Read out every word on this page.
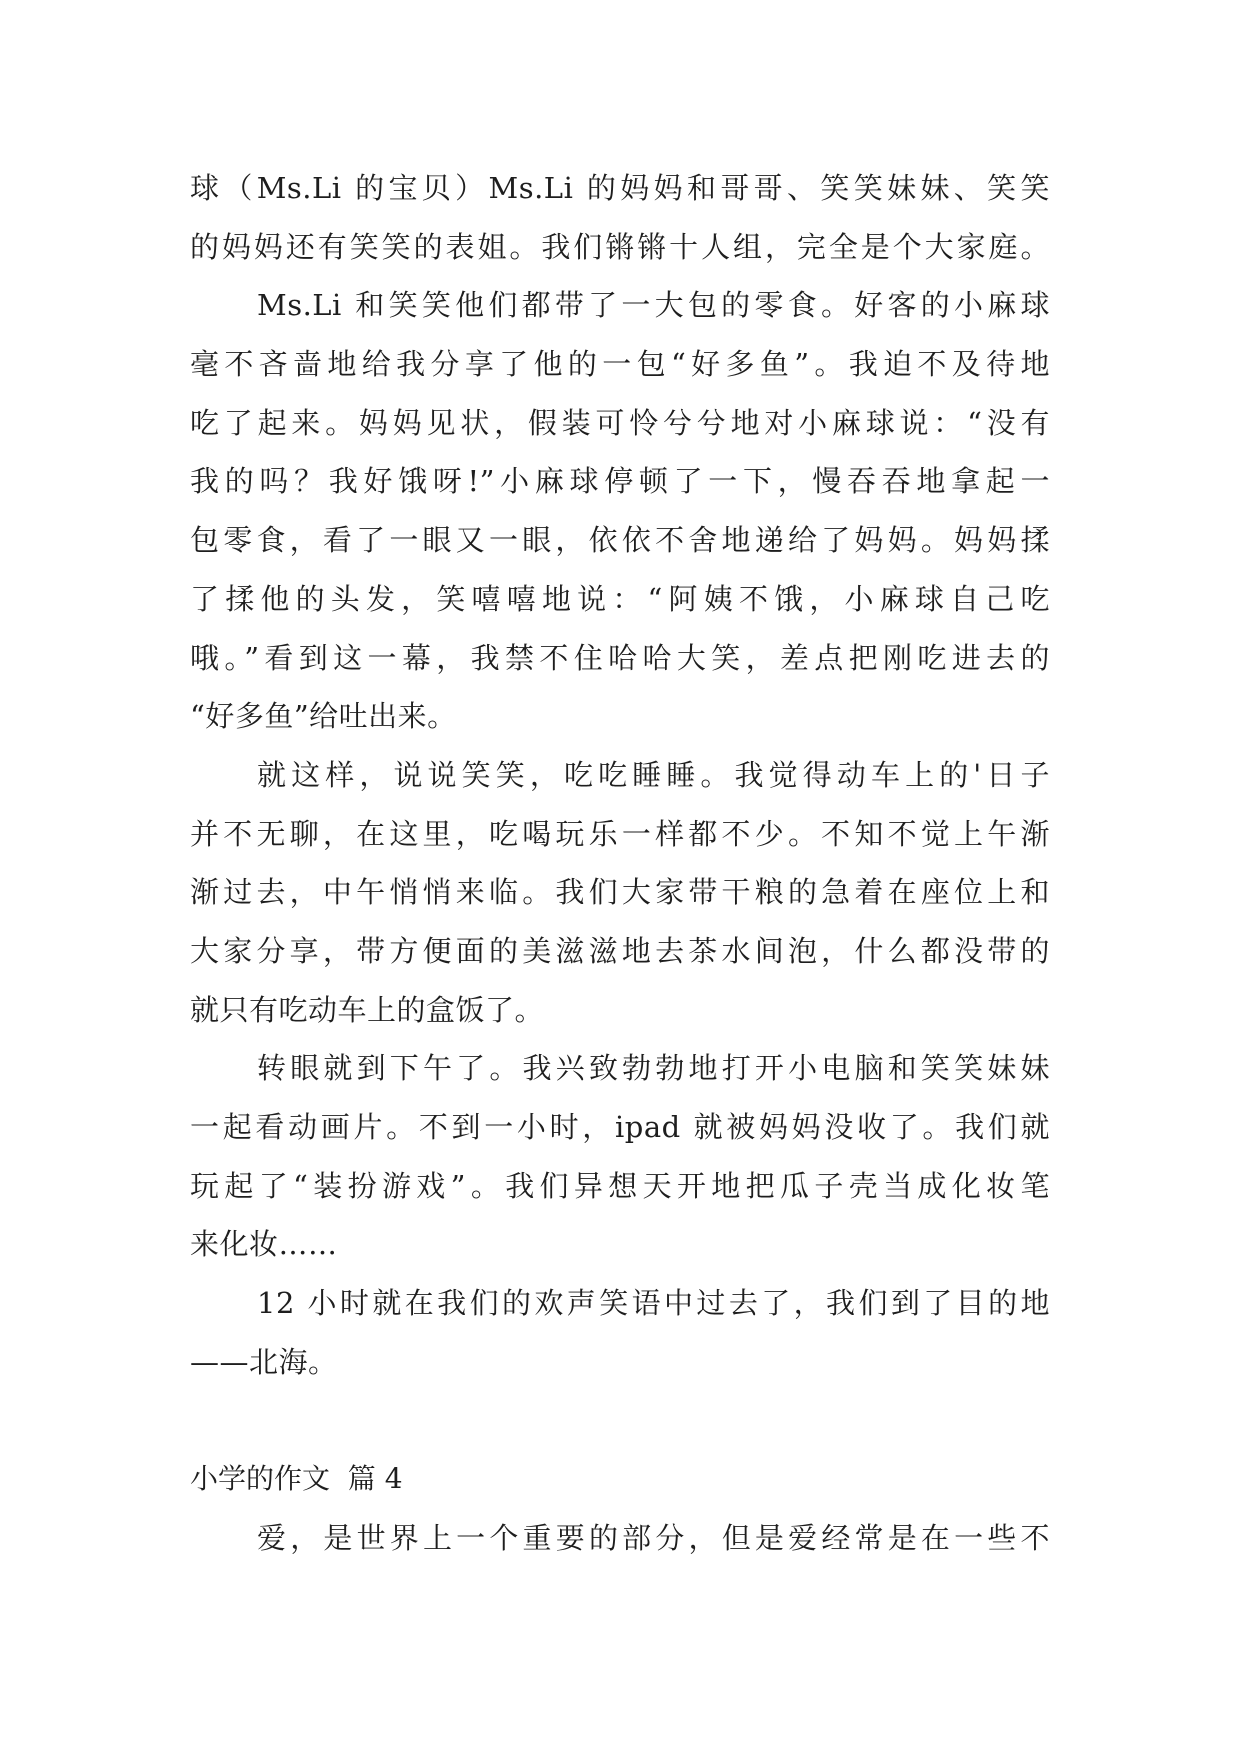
球（Ms.Li 的宝贝）Ms.Li 的妈妈和哥哥、笑笑妹妹、笑笑
的妈妈还有笑笑的表姐。我们锵锵十人组，完全是个大家庭。
Ms.Li 和笑笑他们都带了一大包的零食。好客的小麻球
毫不吝啬地给我分享了他的一包“好多鱼”。我迫不及待地
吃了起来。妈妈见状，假装可怜兮兮地对小麻球说：“没有
我的吗？我好饿呀!”小麻球停顿了一下，慢吞吞地拿起一
包零食，看了一眼又一眼，依依不舍地递给了妈妈。妈妈揉
了揉他的头发，笑嘻嘻地说：“阿姨不饿，小麻球自己吃
哦。”看到这一幕，我禁不住哈哈大笑，差点把刚吃进去的
“好多鱼”给吐出来。
就这样，说说笑笑，吃吃睡睡。我觉得动车上的'日子
并不无聊，在这里，吃喝玩乐一样都不少。不知不觉上午渐
渐过去，中午悄悄来临。我们大家带干粮的急着在座位上和
大家分享，带方便面的美滋滋地去茶水间泡，什么都没带的
就只有吃动车上的盒饭了。
转眼就到下午了。我兴致勃勃地打开小电脑和笑笑妹妹
一起看动画片。不到一小时，ipad 就被妈妈没收了。我们就
玩起了“装扮游戏”。我们异想天开地把瓜子壳当成化妆笔
来化妆……
12 小时就在我们的欢声笑语中过去了，我们到了目的地
——北海。
小学的作文  篇 4
爱，是世界上一个重要的部分，但是爱经常是在一些不
